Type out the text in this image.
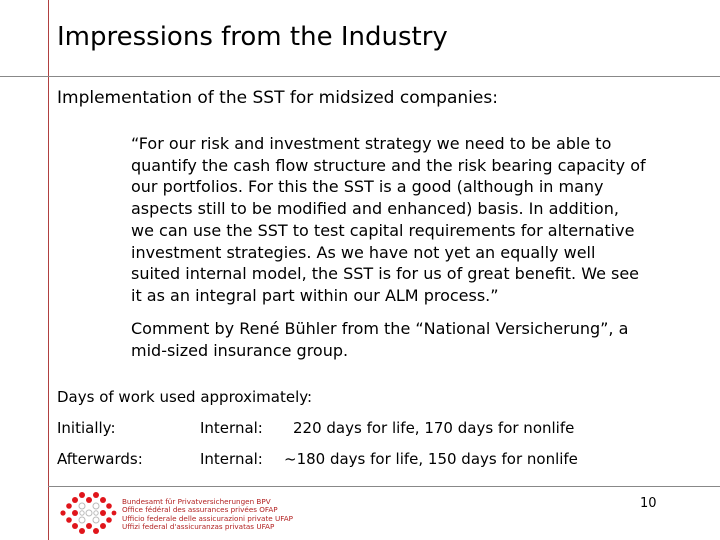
Impressions from the Industry
Implementation of the SST for midsized companies:
“For our risk and investment strategy we need to be able to
quantify the cash flow structure and the risk bearing capacity of
our portfolios. For this the SST is a good (although in many
aspects still to be modified and enhanced) basis. In addition,
we can use the SST to test capital requirements for alternative
investment strategies. As we have not yet an equally well
suited internal model, the SST is for us of great benefit. We see
it as an integral part within our ALM process.”
Comment by René Bühler from the “National Versicherung”, a
mid-sized insurance group.
Days of work used approximately:
Initially:	Internal: 220 days for life, 170 days for nonlife
Afterwards:	Internal: ~180 days for life, 150 days for nonlife
Bundesamt für Privatversicherungen BPV
Office fédéral des assurances privées OFAP
Ufficio federale delle assicurazioni private UFAP
Uffizi federal d'assicuranzas privatas UFAP
10
